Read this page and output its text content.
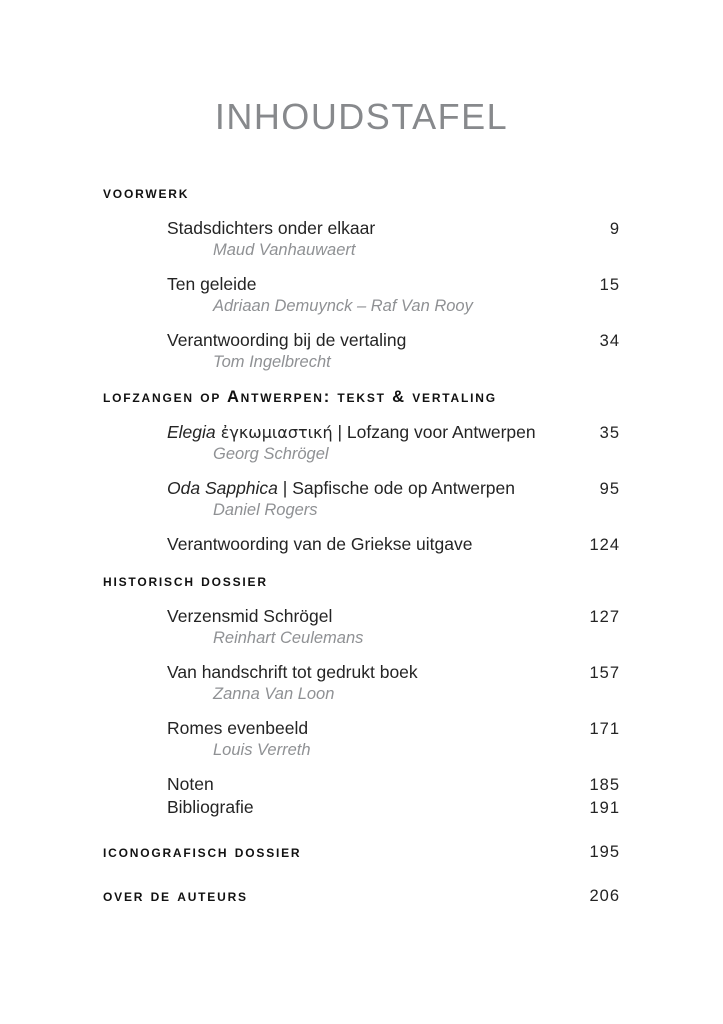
INHOUDSTAFEL
voorwerk
Stadsdichters onder elkaar	9
Maud Vanhauwaert
Ten geleide	15
Adriaan Demuynck – Raf Van Rooy
Verantwoording bij de vertaling	34
Tom Ingelbrecht
lofzangen op Antwerpen: tekst & vertaling
Elegia ἐγκωμιαστική | Lofzang voor Antwerpen	35
Georg Schrögel
Oda Sapphica | Sapfische ode op Antwerpen	95
Daniel Rogers
Verantwoording van de Griekse uitgave	124
historisch dossier
Verzensmid Schrögel	127
Reinhart Ceulemans
Van handschrift tot gedrukt boek	157
Zanna Van Loon
Romes evenbeeld	171
Louis Verreth
Noten	185
Bibliografie	191
iconografisch dossier	195
over de auteurs	206
